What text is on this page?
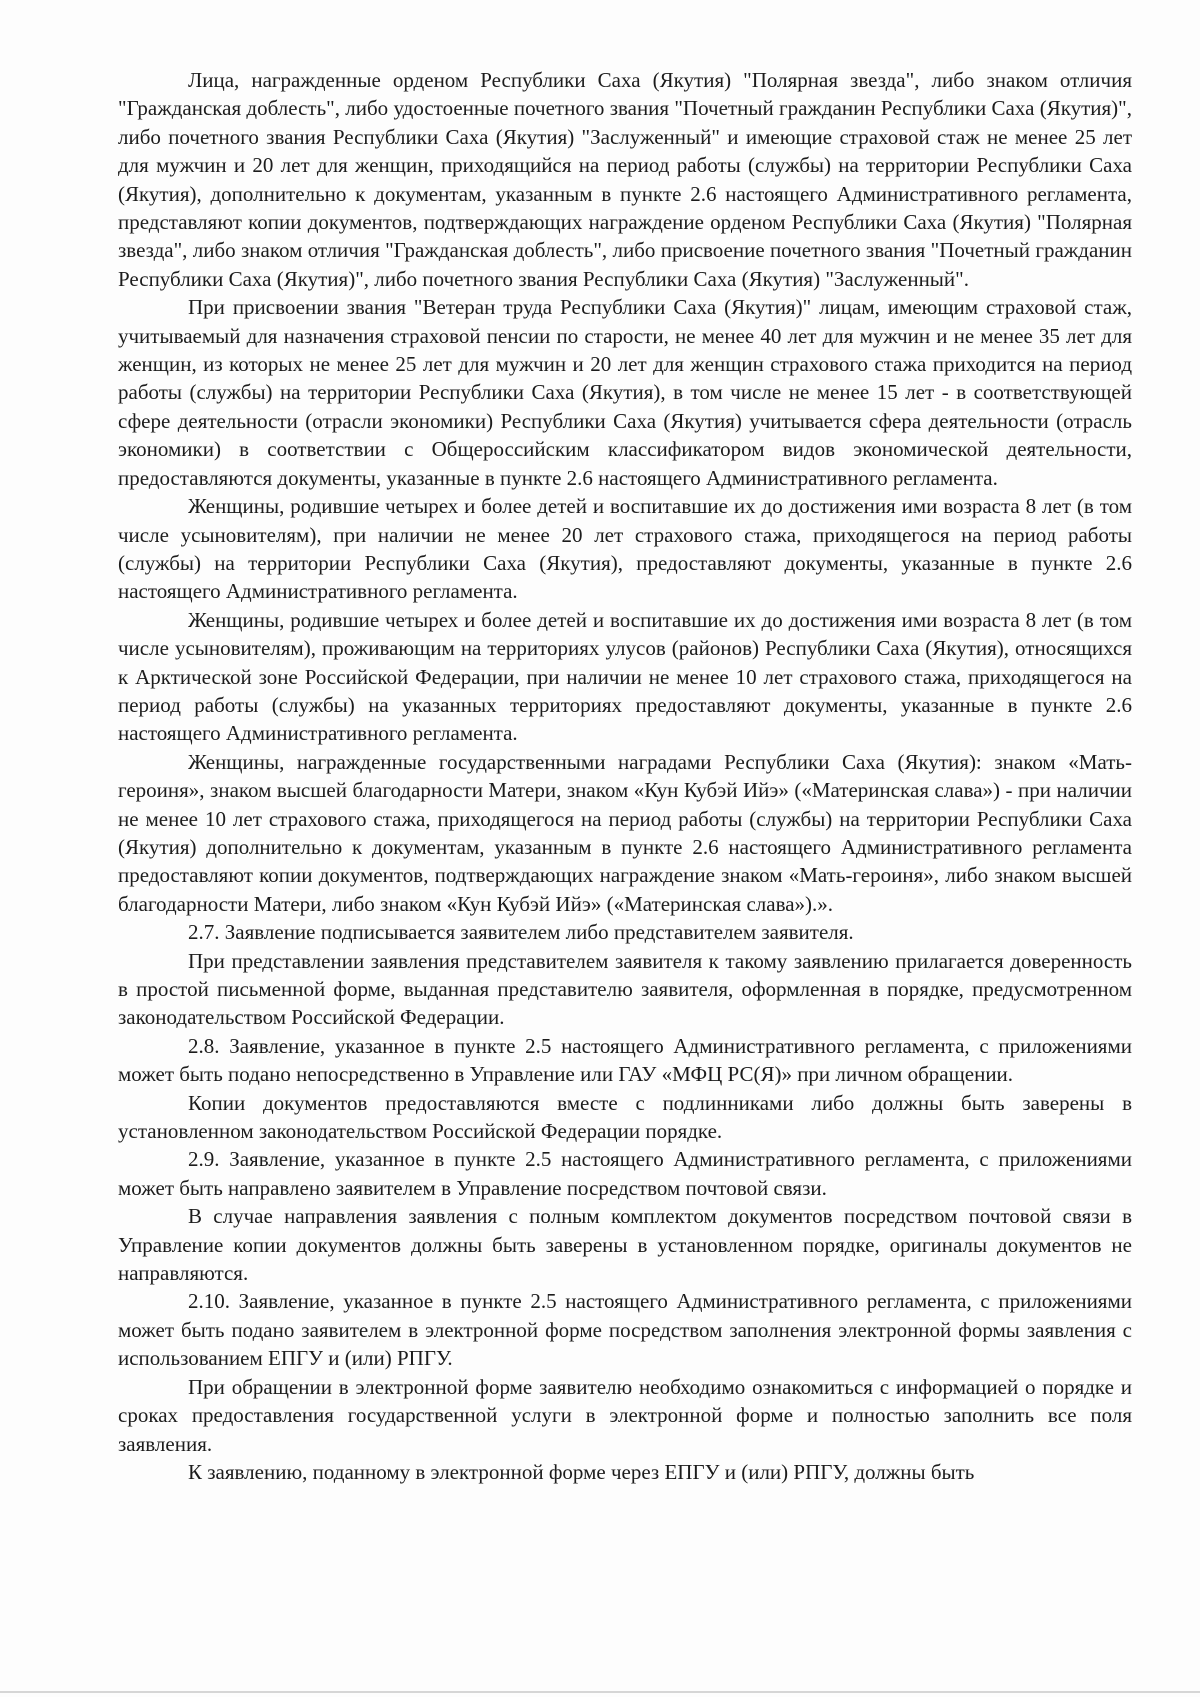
Лица, награжденные орденом Республики Саха (Якутия) "Полярная звезда", либо знаком отличия "Гражданская доблесть", либо удостоенные почетного звания "Почетный гражданин Республики Саха (Якутия)", либо почетного звания Республики Саха (Якутия) "Заслуженный" и имеющие страховой стаж не менее 25 лет для мужчин и 20 лет для женщин, приходящийся на период работы (службы) на территории Республики Саха (Якутия), дополнительно к документам, указанным в пункте 2.6 настоящего Административного регламента, представляют копии документов, подтверждающих награждение орденом Республики Саха (Якутия) "Полярная звезда", либо знаком отличия "Гражданская доблесть", либо присвоение почетного звания "Почетный гражданин Республики Саха (Якутия)", либо почетного звания Республики Саха (Якутия) "Заслуженный".

При присвоении звания "Ветеран труда Республики Саха (Якутия)" лицам, имеющим страховой стаж, учитываемый для назначения страховой пенсии по старости, не менее 40 лет для мужчин и не менее 35 лет для женщин, из которых не менее 25 лет для мужчин и 20 лет для женщин страхового стажа приходится на период работы (службы) на территории Республики Саха (Якутия), в том числе не менее 15 лет - в соответствующей сфере деятельности (отрасли экономики) Республики Саха (Якутия) учитывается сфера деятельности (отрасль экономики) в соответствии с Общероссийским классификатором видов экономической деятельности, предоставляются документы, указанные в пункте 2.6 настоящего Административного регламента.

Женщины, родившие четырех и более детей и воспитавшие их до достижения ими возраста 8 лет (в том числе усыновителям), при наличии не менее 20 лет страхового стажа, приходящегося на период работы (службы) на территории Республики Саха (Якутия), предоставляют документы, указанные в пункте 2.6 настоящего Административного регламента.

Женщины, родившие четырех и более детей и воспитавшие их до достижения ими возраста 8 лет (в том числе усыновителям), проживающим на территориях улусов (районов) Республики Саха (Якутия), относящихся к Арктической зоне Российской Федерации, при наличии не менее 10 лет страхового стажа, приходящегося на период работы (службы) на указанных территориях предоставляют документы, указанные в пункте 2.6 настоящего Административного регламента.

Женщины, награжденные государственными наградами Республики Саха (Якутия): знаком «Мать-героиня», знаком высшей благодарности Матери, знаком «Кун Кубэй Ийэ» («Материнская слава») - при наличии не менее 10 лет страхового стажа, приходящегося на период работы (службы) на территории Республики Саха (Якутия) дополнительно к документам, указанным в пункте 2.6 настоящего Административного регламента предоставляют копии документов, подтверждающих награждение знаком «Мать-героиня», либо знаком высшей благодарности Матери, либо знаком «Кун Кубэй Ийэ» («Материнская слава»).».

2.7. Заявление подписывается заявителем либо представителем заявителя.

При представлении заявления представителем заявителя к такому заявлению прилагается доверенность в простой письменной форме, выданная представителю заявителя, оформленная в порядке, предусмотренном законодательством Российской Федерации.

2.8. Заявление, указанное в пункте 2.5 настоящего Административного регламента, с приложениями может быть подано непосредственно в Управление или ГАУ «МФЦ РС(Я)» при личном обращении.

Копии документов предоставляются вместе с подлинниками либо должны быть заверены в установленном законодательством Российской Федерации порядке.

2.9. Заявление, указанное в пункте 2.5 настоящего Административного регламента, с приложениями может быть направлено заявителем в Управление посредством почтовой связи.

В случае направления заявления с полным комплектом документов посредством почтовой связи в Управление копии документов должны быть заверены в установленном порядке, оригиналы документов не направляются.

2.10. Заявление, указанное в пункте 2.5 настоящего Административного регламента, с приложениями может быть подано заявителем в электронной форме посредством заполнения электронной формы заявления с использованием ЕПГУ и (или) РПГУ.

При обращении в электронной форме заявителю необходимо ознакомиться с информацией о порядке и сроках предоставления государственной услуги в электронной форме и полностью заполнить все поля заявления.

К заявлению, поданному в электронной форме через ЕПГУ и (или) РПГУ, должны быть
